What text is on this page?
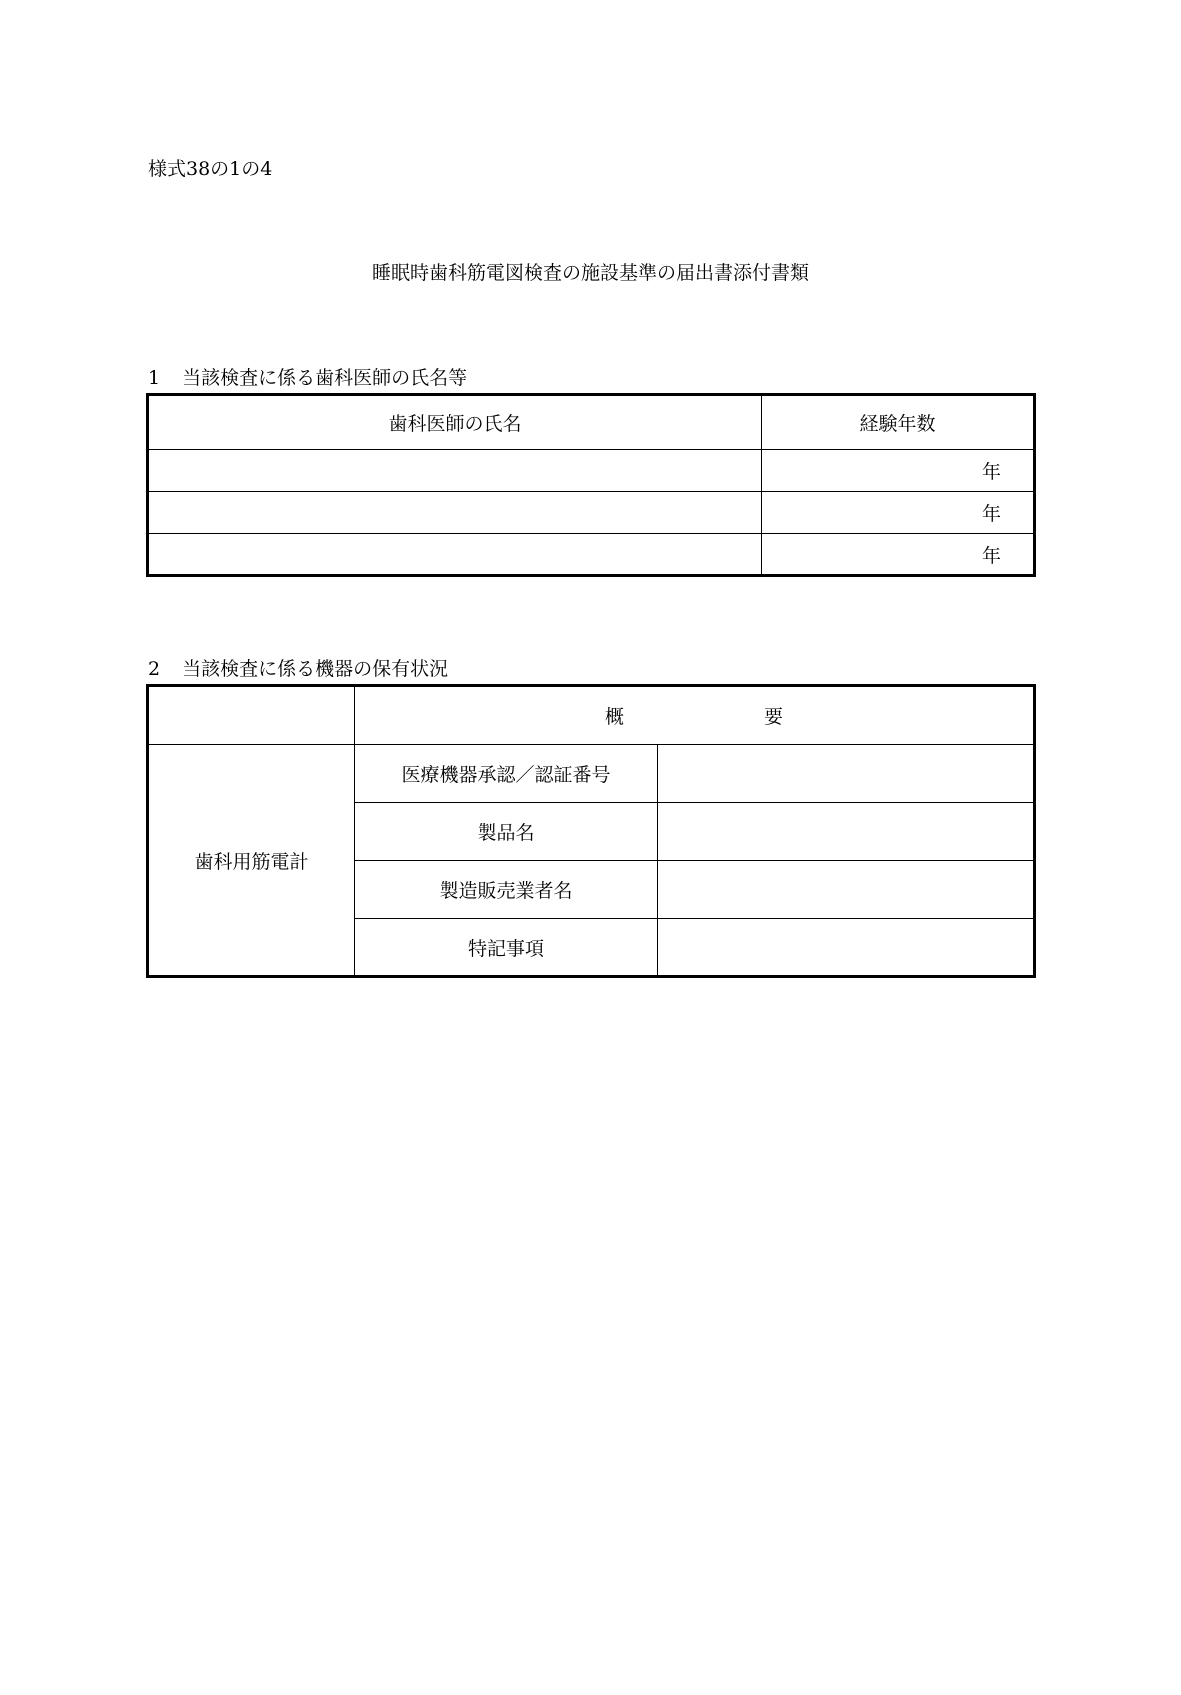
様式38の1の4
睡眠時歯科筋電図検査の施設基準の届出書添付書類
1 当該検査に係る歯科医師の氏名等
歯科医師の氏名	経験年数
	年
	年
	年
2 当該検査に係る機器の保有状況
	概 要	
歯科用筋電計	医療機器承認／認証番号	
	製品名	
	製造販売業者名	
	特記事項	
